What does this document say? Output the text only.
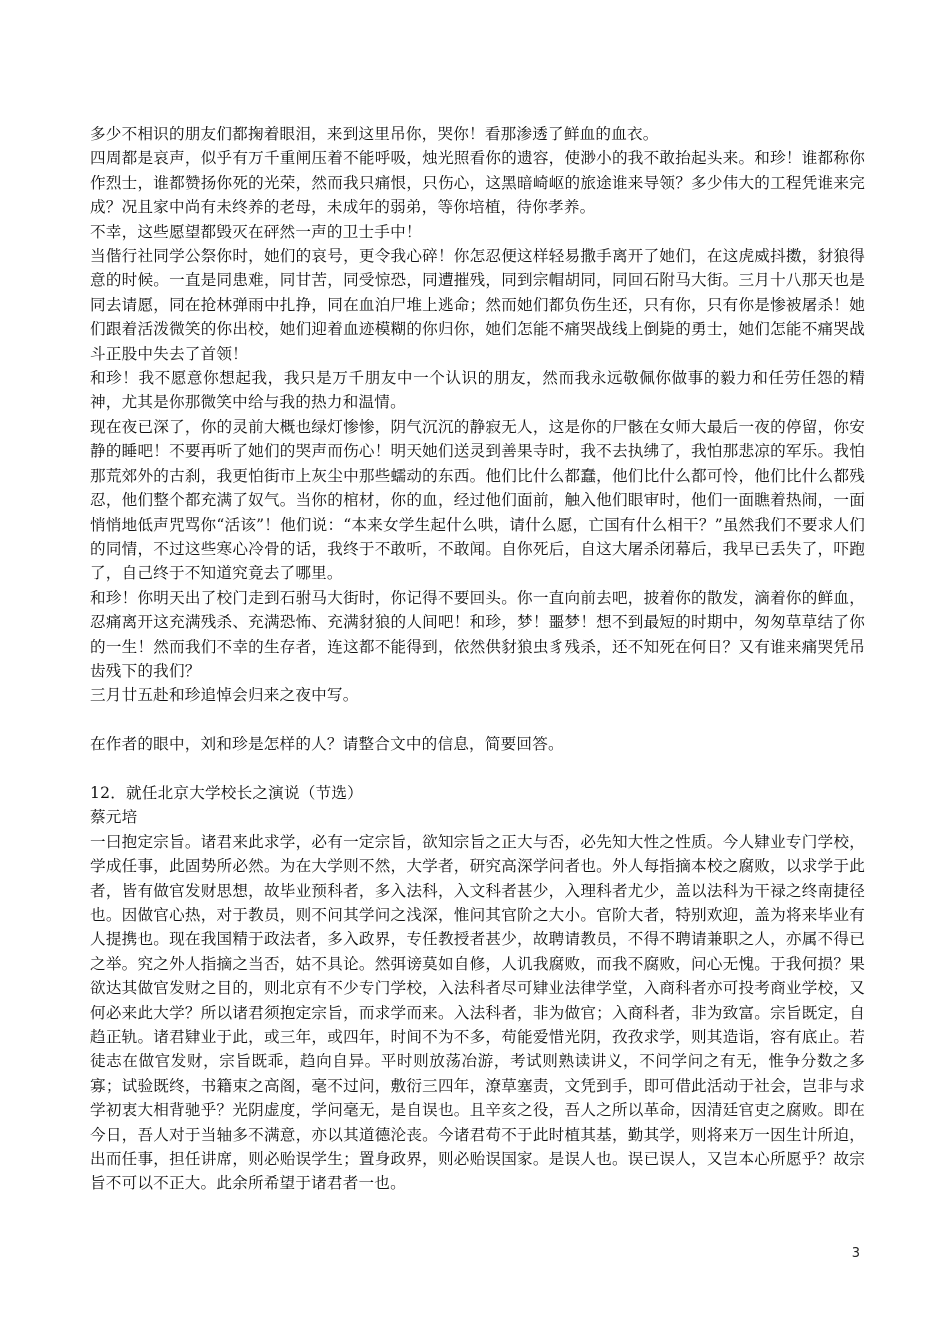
多少不相识的朋友们都掬着眼泪，来到这里吊你，哭你！看那渗透了鲜血的血衣。

四周都是哀声，似乎有万千重闸压着不能呼吸，烛光照看你的遗容，使渺小的我不敢抬起头来。和珍！谁都称你作烈士，谁都赞扬你死的光荣，然而我只痛恨，只伤心，这黑暗崎岖的旅途谁来导领？多少伟大的工程凭谁来完成？况且家中尚有未终养的老母，未成年的弱弟，等你培植，待你孝养。

不幸，这些愿望都毁灭在砰然一声的卫士手中！

当偕行社同学公祭你时，她们的哀号，更令我心碎！你怎忍便这样轻易撒手离开了她们，在这虎威抖擞，豺狼得意的时候。一直是同患难，同甘苦，同受惊恐，同遭摧残，同到宗帽胡同，同回石附马大街。三月十八那天也是同去请愿，同在抢林弹雨中扎挣，同在血泊尸堆上逃命；然而她们都负伤生还，只有你，只有你是惨被屠杀！她们跟着活泼微笑的你出校，她们迎着血迹模糊的你归你，她们怎能不痛哭战线上倒毙的勇士，她们怎能不痛哭战斗正股中失去了首领！

和珍！我不愿意你想起我，我只是万千朋友中一个认识的朋友，然而我永远敬佩你做事的毅力和任劳任怨的精神，尤其是你那微笑中给与我的热力和温情。

现在夜已深了，你的灵前大概也绿灯惨惨，阴气沉沉的静寂无人，这是你的尸骸在女师大最后一夜的停留，你安静的睡吧！不要再听了她们的哭声而伤心！明天她们送灵到善果寺时，我不去执绋了，我怕那悲凉的军乐。我怕那荒郊外的古刹，我更怕街市上灰尘中那些蠕动的东西。他们比什么都蠢，他们比什么都可怜，他们比什么都残忍，他们整个都充满了奴气。当你的棺材，你的血，经过他们面前，触入他们眼审时，他们一面瞧着热闹，一面悄悄地低声咒骂你“活该”！他们说：“本来女学生起什么哄，请什么愿，亡国有什么相干？”虽然我们不要求人们的同情，不过这些寒心冷骨的话，我终于不敢听，不敢闻。自你死后，自这大屠杀闭幕后，我早已丢失了，吓跑了，自己终于不知道究竟去了哪里。

和珍！你明天出了校门走到石驸马大街时，你记得不要回头。你一直向前去吧，披着你的散发，滴着你的鲜血，忍痛离开这充满残杀、充满恐怖、充满豺狼的人间吧！和珍，梦！噩梦！想不到最短的时期中，匆匆草草结了你的一生！然而我们不幸的生存者，连这都不能得到，依然供豺狼虫豸残杀，还不知死在何日？又有谁来痛哭凭吊齿残下的我们？

三月廿五赴和珍追悼会归来之夜中写。

在作者的眼中，刘和珍是怎样的人？请整合文中的信息，简要回答。

12．就任北京大学校长之演说（节选）

蔡元培

一曰抱定宗旨。诸君来此求学，必有一定宗旨，欲知宗旨之正大与否，必先知大性之性质。今人肄业专门学校，学成任事，此固势所必然。为在大学则不然，大学者，研究高深学问者也。外人每指摘本校之腐败，以求学于此者，皆有做官发财思想，故毕业预科者，多入法科，入文科者甚少，入理科者尤少，盖以法科为干禄之终南捷径也。因做官心热，对于教员，则不问其学问之浅深，惟问其官阶之大小。官阶大者，特别欢迎，盖为将来毕业有人提携也。现在我国精于政法者，多入政界，专任教授者甚少，故聘请教员，不得不聘请兼职之人，亦属不得已之举。究之外人指摘之当否，姑不具论。然弭谤莫如自修，人讥我腐败，而我不腐败，问心无愧。于我何损？果欲达其做官发财之目的，则北京有不少专门学校，入法科者尽可肄业法律学堂，入商科者亦可投考商业学校，又何必来此大学？所以诸君须抱定宗旨，而求学而来。入法科者，非为做官；入商科者，非为致富。宗旨既定，自趋正轨。诸君肄业于此，或三年，或四年，时间不为不多，苟能爱惜光阴，孜孜求学，则其造诣，容有底止。若徒志在做官发财，宗旨既乖，趋向自异。平时则放荡冶游，考试则熟读讲义，不问学问之有无，惟争分数之多寡；试验既终，书籍束之高阁，毫不过问，敷衍三四年，潦草塞责，文凭到手，即可借此活动于社会，岂非与求学初衷大相背驰乎？光阴虚度，学问毫无，是自误也。且辛亥之役，吾人之所以革命，因清廷官吏之腐败。即在今日，吾人对于当轴多不满意，亦以其道德沦丧。今诸君苟不于此时植其基，勤其学，则将来万一因生计所迫，出而任事，担任讲席，则必贻误学生；置身政界，则必贻误国家。是误人也。误已误人，又岂本心所愿乎？故宗旨不可以不正大。此余所希望于诸君者一也。

3
